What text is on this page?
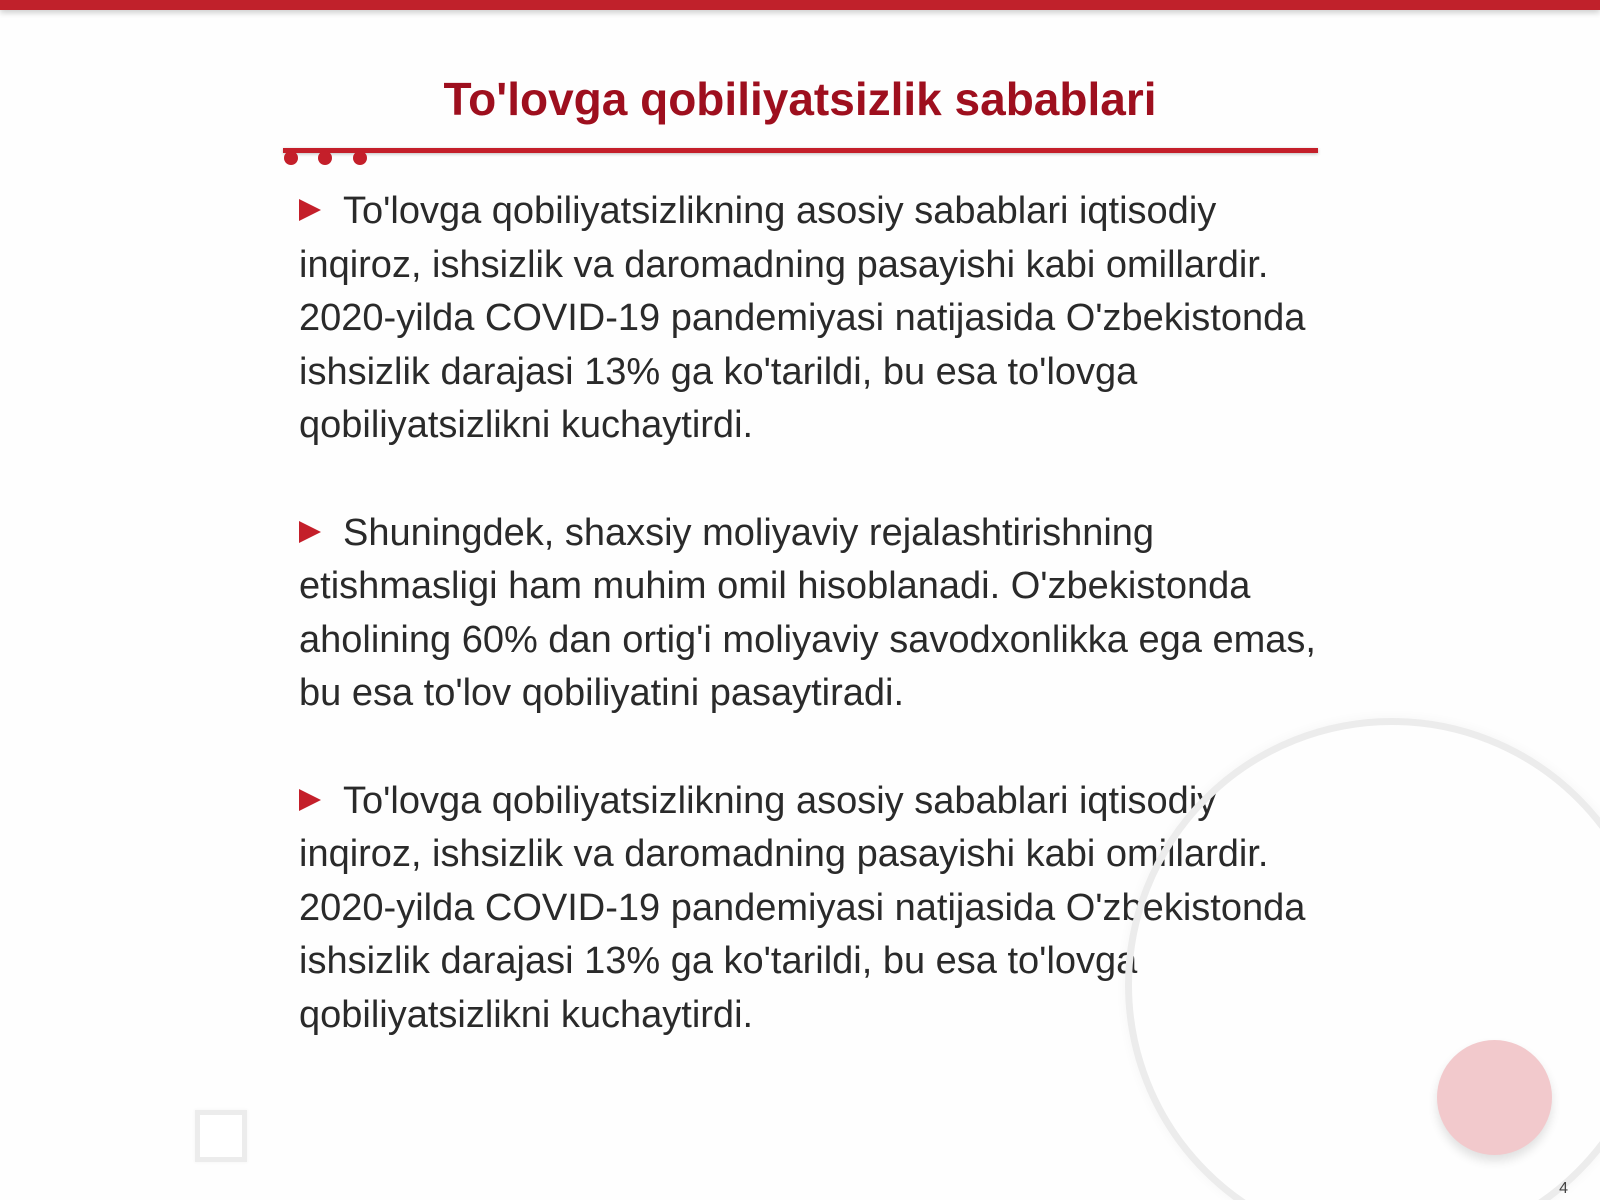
To'lovga qobiliyatsizlik sabablari

To'lovga qobiliyatsizlikning asosiy sabablari iqtisodiy inqiroz, ishsizlik va daromadning pasayishi kabi omillardir. 2020-yilda COVID-19 pandemiyasi natijasida O'zbekistonda ishsizlik darajasi 13% ga ko'tarildi, bu esa to'lovga qobiliyatsizlikni kuchaytirdi.

Shuningdek, shaxsiy moliyaviy rejalashtirishning etishmasligi ham muhim omil hisoblanadi. O'zbekistonda aholining 60% dan ortig'i moliyaviy savodxonlikka ega emas, bu esa to'lov qobiliyatini pasaytiradi.

To'lovga qobiliyatsizlikning asosiy sabablari iqtisodiy inqiroz, ishsizlik va daromadning pasayishi kabi omillardir. 2020-yilda COVID-19 pandemiyasi natijasida O'zbekistonda ishsizlik darajasi 13% ga ko'tarildi, bu esa to'lovga qobiliyatsizlikni kuchaytirdi.

4
